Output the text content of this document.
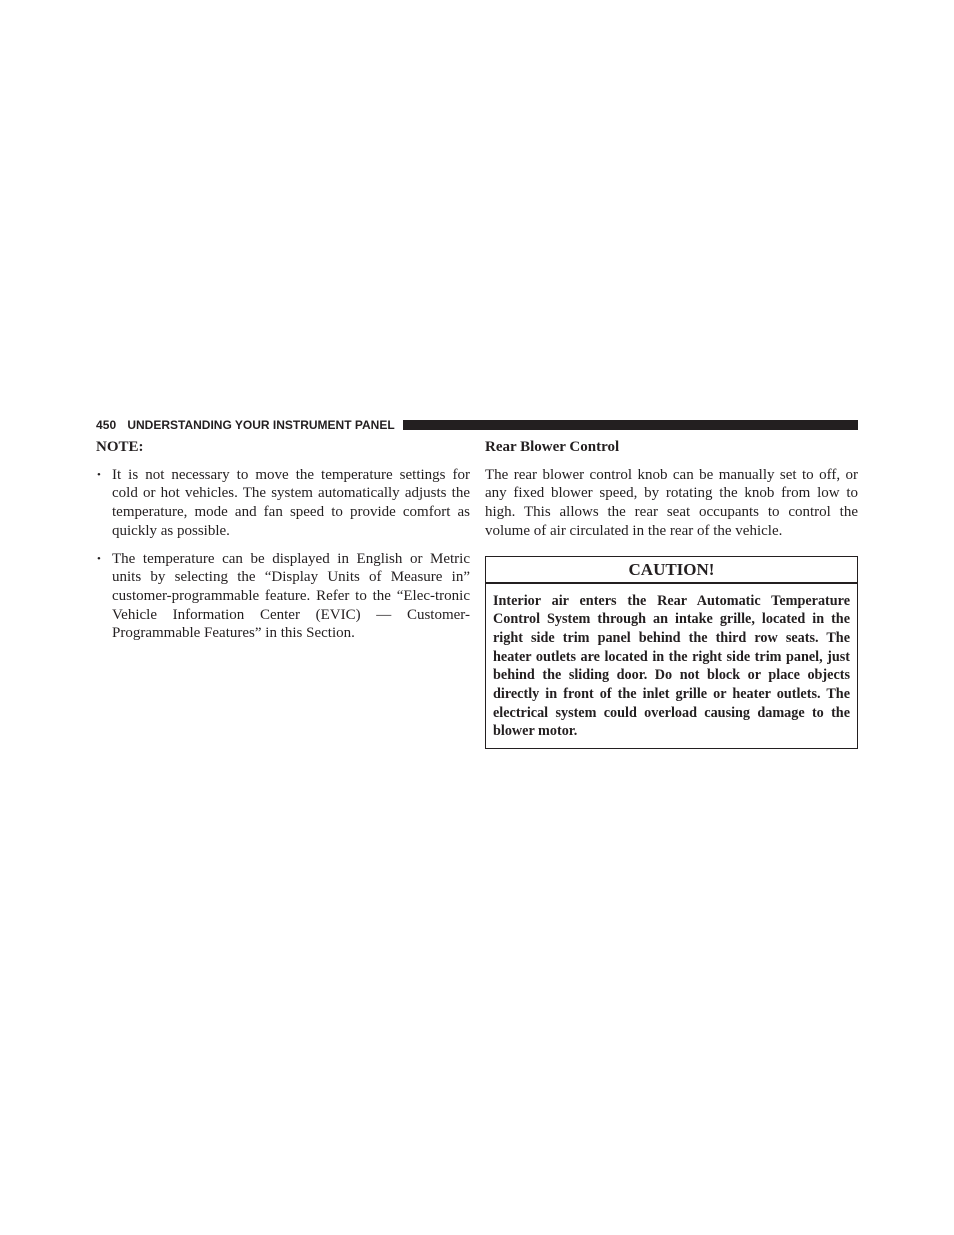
450 UNDERSTANDING YOUR INSTRUMENT PANEL
NOTE:
• It is not necessary to move the temperature settings for cold or hot vehicles. The system automatically adjusts the temperature, mode and fan speed to provide comfort as quickly as possible.
• The temperature can be displayed in English or Metric units by selecting the “Display Units of Measure in” customer-programmable feature. Refer to the “Elec-tronic Vehicle Information Center (EVIC) — Customer-Programmable Features” in this Section.
Rear Blower Control

The rear blower control knob can be manually set to off, or any fixed blower speed, by rotating the knob from low to high. This allows the rear seat occupants to control the volume of air circulated in the rear of the vehicle.

CAUTION!

Interior air enters the Rear Automatic Temperature Control System through an intake grille, located in the right side trim panel behind the third row seats. The heater outlets are located in the right side trim panel, just behind the sliding door. Do not block or place objects directly in front of the inlet grille or heater outlets. The electrical system could overload causing damage to the blower motor.
